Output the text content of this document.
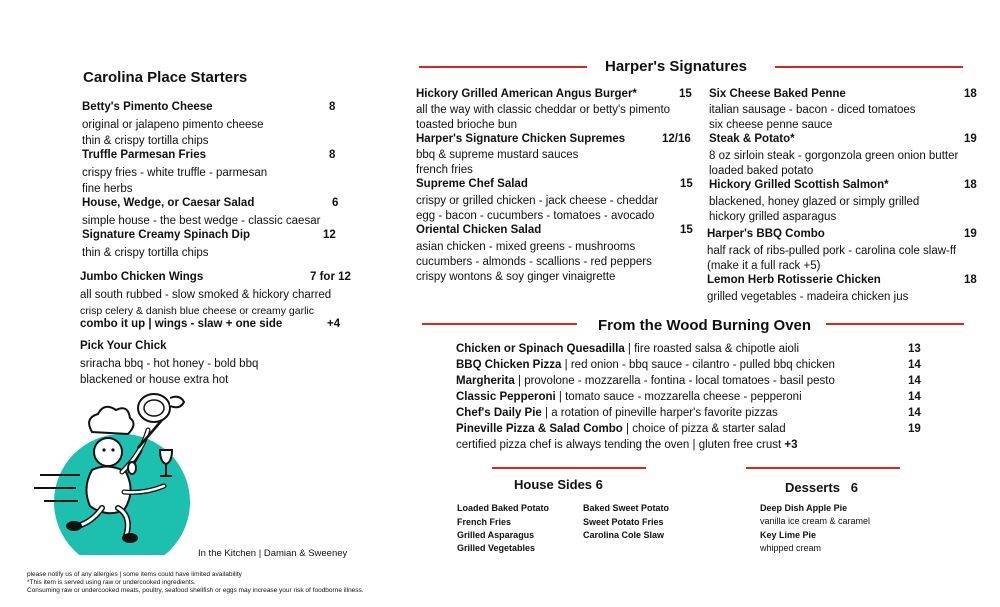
Carolina Place Starters
Betty's Pimento Cheese	8
original or jalapeno pimento cheese
thin & crispy tortilla chips
Truffle Parmesan Fries	8
crispy fries - white truffle - parmesan
fine herbs
House, Wedge, or Caesar Salad	6
simple house - the best wedge - classic caesar
Signature Creamy Spinach Dip	12
thin & crispy tortilla chips
Jumbo Chicken Wings	7 for 12
all south rubbed - slow smoked & hickory charred
crisp celery & danish blue cheese or creamy garlic
combo it up | wings - slaw + one side	+4
Pick Your Chick
sriracha bbq - hot honey - bold bbq
blackened or house extra hot
In the Kitchen | Damian & Sweeney
please notify us of any allergies | some items could have limited availability
*This item is served using raw or undercooked ingredients.
Consuming raw or undercooked meats, poultry, seafood shellfish or eggs may increase your risk of foodborne illness.
Harper's Signatures
Hickory Grilled American Angus Burger*	15
all the way with classic cheddar or betty's pimento
toasted brioche bun
Harper's Signature Chicken Supremes	12/16
bbq & supreme mustard sauces
french fries
Supreme Chef Salad	15
crispy or grilled chicken - jack cheese - cheddar
egg - bacon - cucumbers - tomatoes - avocado
Oriental Chicken Salad	15
asian chicken - mixed greens - mushrooms
cucumbers - almonds - scallions - red peppers
crispy wontons & soy ginger vinaigrette
Six Cheese Baked Penne	18
italian sausage - bacon - diced tomatoes
six cheese penne sauce
Steak & Potato*	19
8 oz sirloin steak - gorgonzola green onion butter
loaded baked potato
Hickory Grilled Scottish Salmon*	18
blackened, honey glazed or simply grilled
hickory grilled asparagus
Harper's BBQ Combo	19
half rack of ribs-pulled pork - carolina cole slaw-ff
(make it a full rack +5)
Lemon Herb Rotisserie Chicken	18
grilled vegetables - madeira chicken jus
From the Wood Burning Oven
Chicken or Spinach Quesadilla | fire roasted salsa & chipotle aioli	13
BBQ Chicken Pizza | red onion - bbq sauce - cilantro - pulled bbq chicken	14
Margherita | provolone - mozzarella - fontina - local tomatoes - basil pesto	14
Classic Pepperoni | tomato sauce - mozzarella cheese - pepperoni	14
Chef's Daily Pie | a rotation of pineville harper's favorite pizzas	14
Pineville Pizza & Salad Combo | choice of pizza & starter salad	19
certified pizza chef is always tending the oven | gluten free crust +3
House Sides 6
Loaded Baked Potato
French Fries
Grilled Asparagus
Grilled Vegetables
Baked Sweet Potato
Sweet Potato Fries
Carolina Cole Slaw
Desserts   6
Deep Dish Apple Pie
vanilla ice cream & caramel
Key Lime Pie
whipped cream
